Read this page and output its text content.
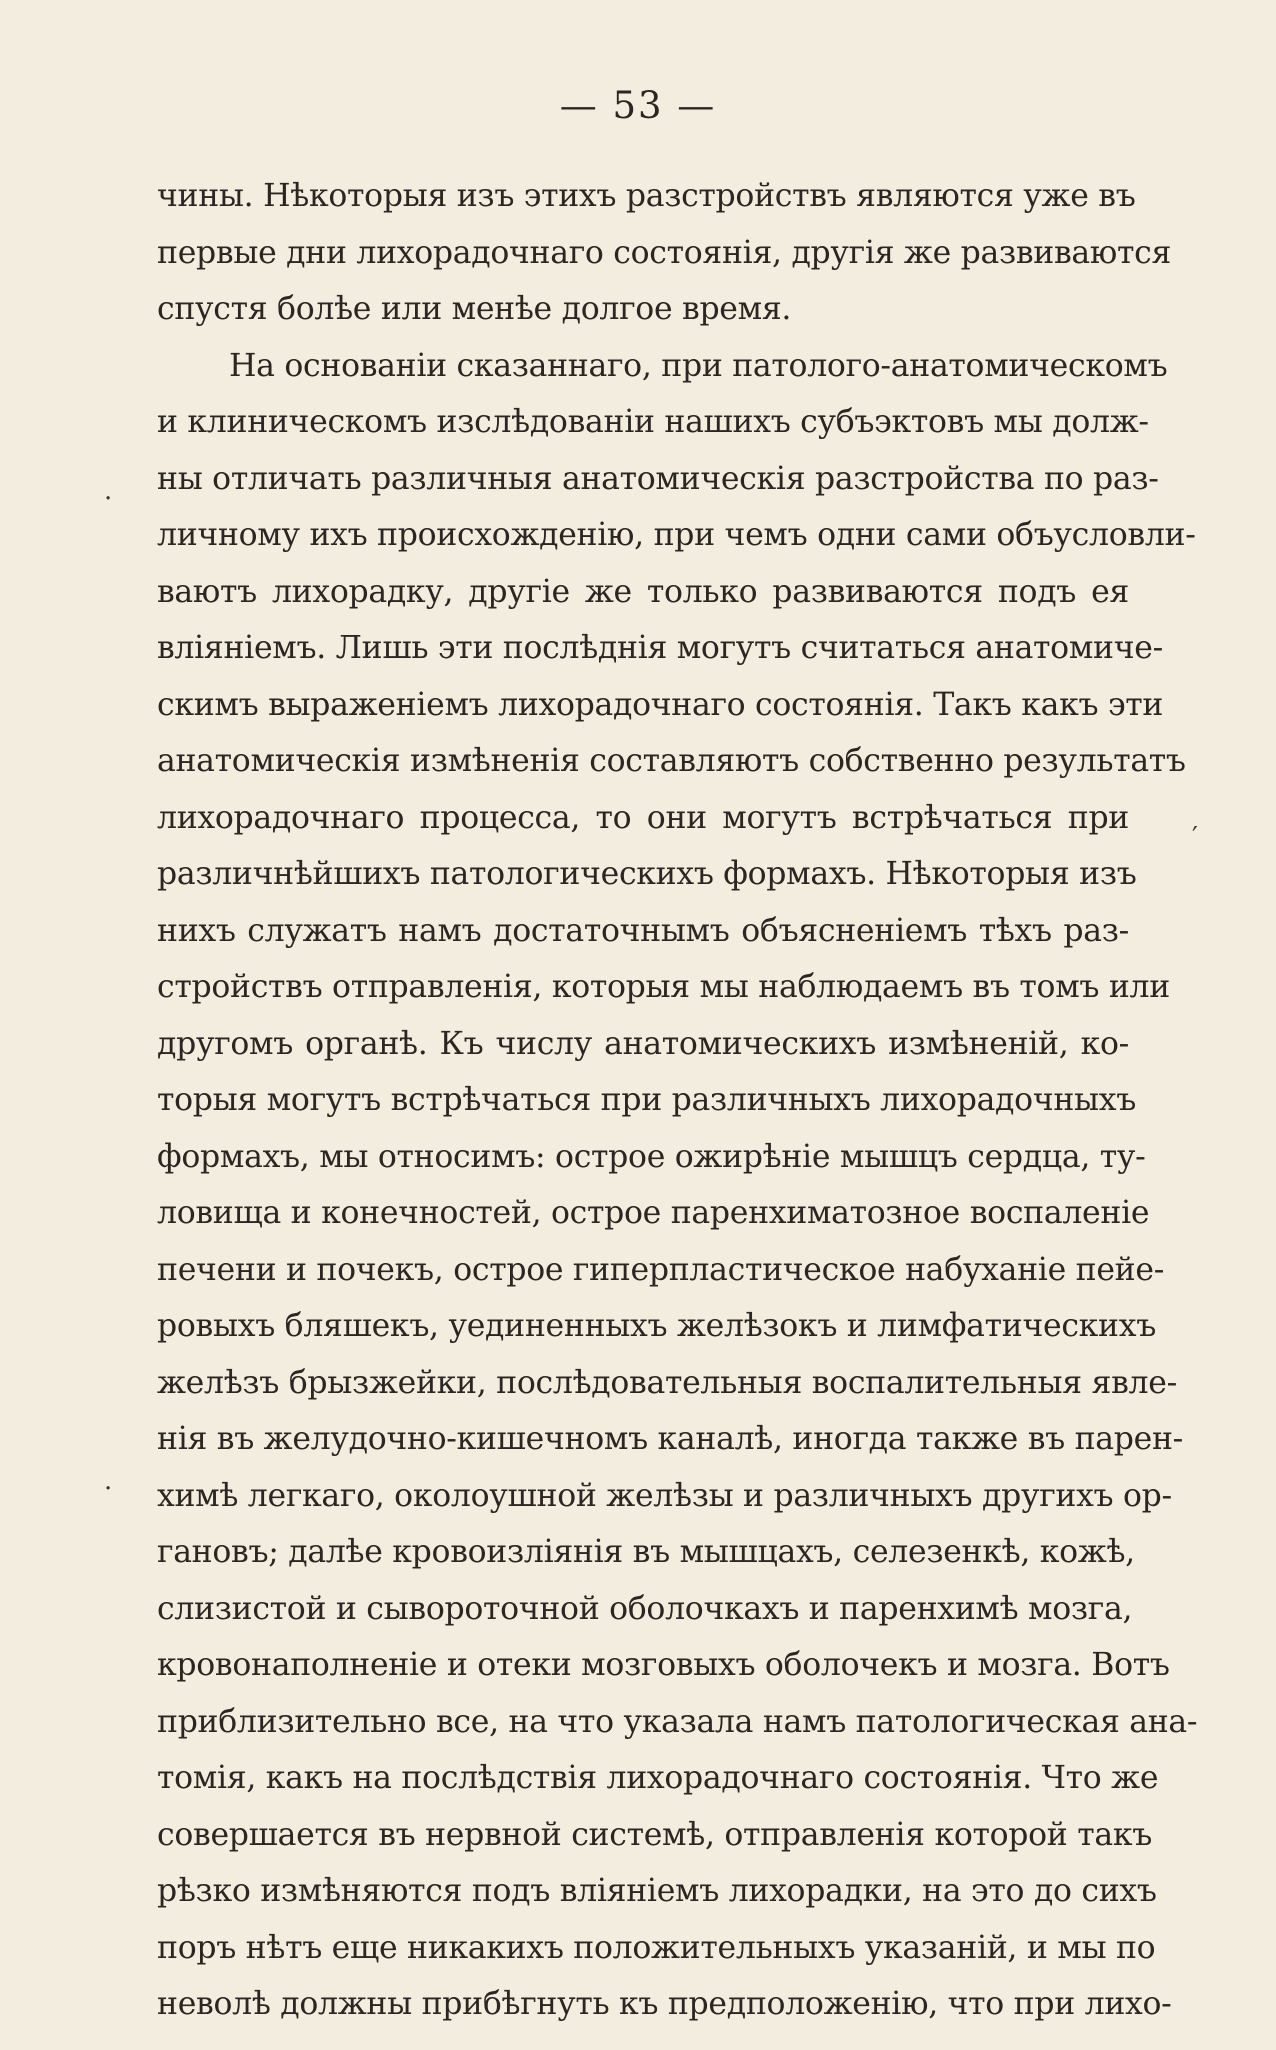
— 53 —
·
′
·
чины. Нѣкоторыя изъ этихъ разстройствъ являются уже въ
первые дни лихорадочнаго состоянія, другія же развиваются
спустя болѣе или менѣе долгое время.
На основаніи сказаннаго, при патолого-анатомическомъ
и клиническомъ изслѣдованіи нашихъ субъэктовъ мы долж-
ны отличать различныя анатомическія разстройства по раз-
личному ихъ происхожденію, при чемъ одни сами объусловли-
ваютъ лихорадку, другіе же только развиваются подъ ея
вліяніемъ. Лишь эти послѣднія могутъ считаться анатомиче-
скимъ выраженіемъ лихорадочнаго состоянія. Такъ какъ эти
анатомическія измѣненія составляютъ собственно результатъ
лихорадочнаго процесса, то они могутъ встрѣчаться при
различнѣйшихъ патологическихъ формахъ. Нѣкоторыя изъ
нихъ служатъ намъ достаточнымъ объясненіемъ тѣхъ раз-
стройствъ отправленія, которыя мы наблюдаемъ въ томъ или
другомъ органѣ. Къ числу анатомическихъ измѣненій, ко-
торыя могутъ встрѣчаться при различныхъ лихорадочныхъ
формахъ, мы относимъ: острое ожирѣніе мышцъ сердца, ту-
ловища и конечностей, острое паренхиматозное воспаленіе
печени и почекъ, острое гиперпластическое набуханіе пейе-
ровыхъ бляшекъ, уединенныхъ желѣзокъ и лимфатическихъ
желѣзъ брызжейки, послѣдовательныя воспалительныя явле-
нія въ желудочно-кишечномъ каналѣ, иногда также въ парен-
химѣ легкаго, околоушной желѣзы и различныхъ другихъ ор-
гановъ; далѣе кровоизліянія въ мышцахъ, селезенкѣ, кожѣ,
слизистой и сывороточной оболочкахъ и паренхимѣ мозга,
кровонаполненіе и отеки мозговыхъ оболочекъ и мозга. Вотъ
приблизительно все, на что указала намъ патологическая ана-
томія, какъ на послѣдствія лихорадочнаго состоянія. Что же
совершается въ нервной системѣ, отправленія которой такъ
рѣзко измѣняются подъ вліяніемъ лихорадки, на это до сихъ
поръ нѣтъ еще никакихъ положительныхъ указаній, и мы по
неволѣ должны прибѣгнуть къ предположенію, что при лихо-
